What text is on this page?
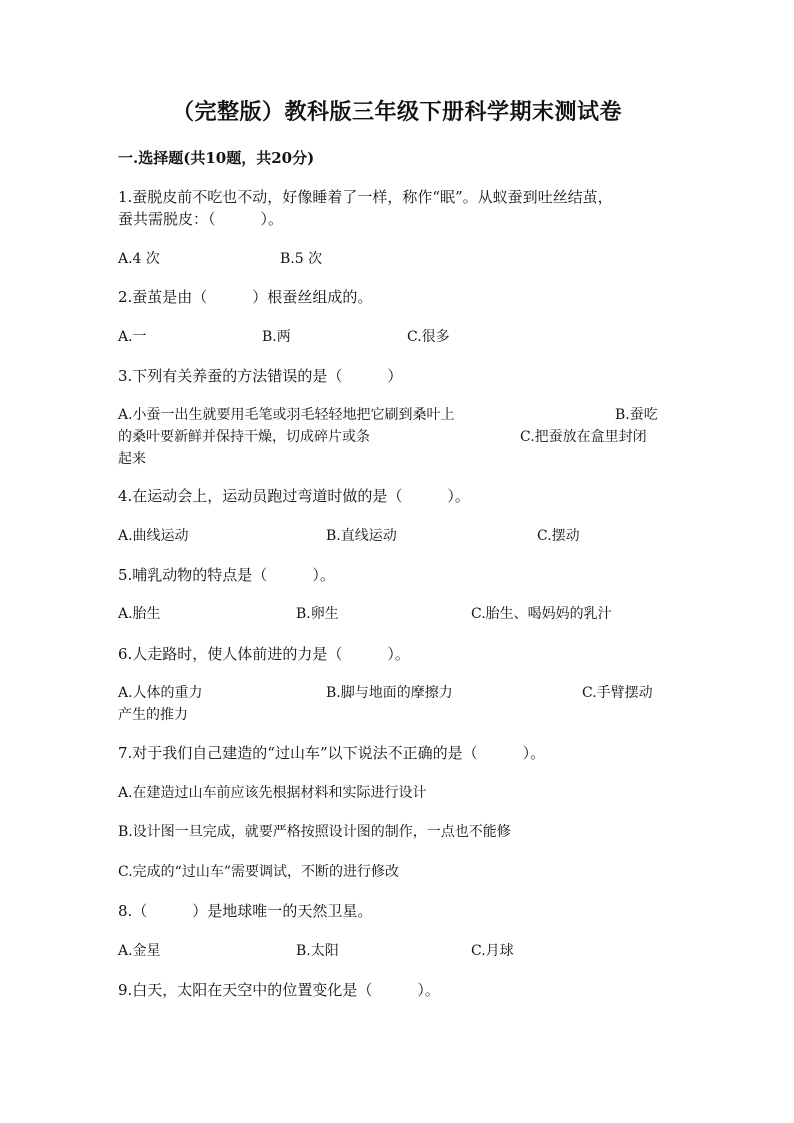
（完整版）教科版三年级下册科学期末测试卷
一.选择题(共10题，共20分)
1.蚕脱皮前不吃也不动，好像睡着了一样，称作“眠”。从蚁蚕到吐丝结茧，
蚕共需脱皮：（　　　）。
A.4 次	B.5 次
2.蚕茧是由（　　　）根蚕丝组成的。
A.一	B.两	C.很多
3.下列有关养蚕的方法错误的是（　　　）
A.小蚕一出生就要用毛笔或羽毛轻轻地把它刷到桑叶上	B.蚕吃
的桑叶要新鲜并保持干燥，切成碎片或条	C.把蚕放在盒里封闭
起来
4.在运动会上，运动员跑过弯道时做的是（　　　）。
A.曲线运动	B.直线运动	C.摆动
5.哺乳动物的特点是（　　　）。
A.胎生	B.卵生	C.胎生、喝妈妈的乳汁
6.人走路时，使人体前进的力是（　　　）。
A.人体的重力	B.脚与地面的摩擦力	C.手臂摆动
产生的推力
7.对于我们自己建造的“过山车”以下说法不正确的是（　　　）。
A.在建造过山车前应该先根据材料和实际进行设计
B.设计图一旦完成，就要严格按照设计图的制作，一点也不能修
C.完成的“过山车”需要调试，不断的进行修改
8.（　　　）是地球唯一的天然卫星。
A.金星	B.太阳	C.月球
9.白天，太阳在天空中的位置变化是（　　　）。
